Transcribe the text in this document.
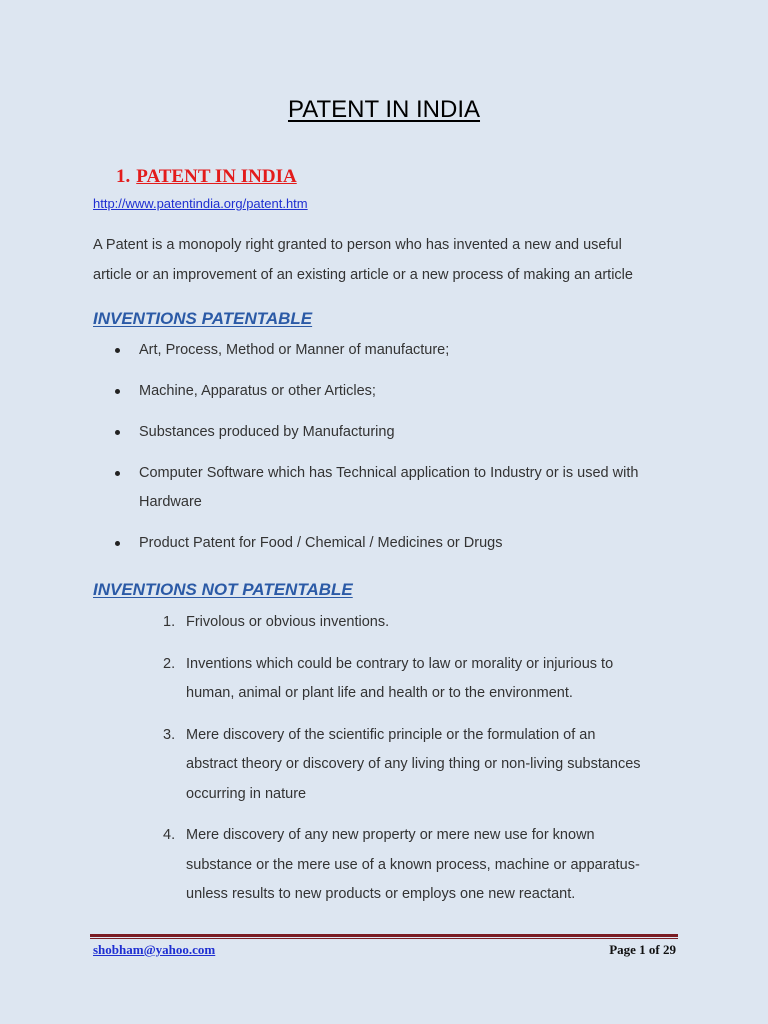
PATENT IN INDIA
1. PATENT IN INDIA
http://www.patentindia.org/patent.htm
A Patent is a monopoly right granted to person who has invented a new and useful
article or an improvement of an existing article or a new process of making an article
INVENTIONS PATENTABLE
Art, Process, Method or Manner of manufacture;
Machine, Apparatus or other Articles;
Substances produced by Manufacturing
Computer Software which has Technical application to Industry or is used with
Hardware
Product Patent for Food / Chemical / Medicines or Drugs
INVENTIONS NOT PATENTABLE
1. Frivolous or obvious inventions.
2. Inventions which could be contrary to law or morality or injurious to
human, animal or plant life and health or to the environment.
3. Mere discovery of the scientific principle or the formulation of an
abstract theory or discovery of any living thing or non-living substances
occurring in nature
4. Mere discovery of any new property or mere new use for known
substance or the mere use of a known process, machine or apparatus-
unless results to new products or employs one new reactant.
shobham@yahoo.com	Page 1 of 29
